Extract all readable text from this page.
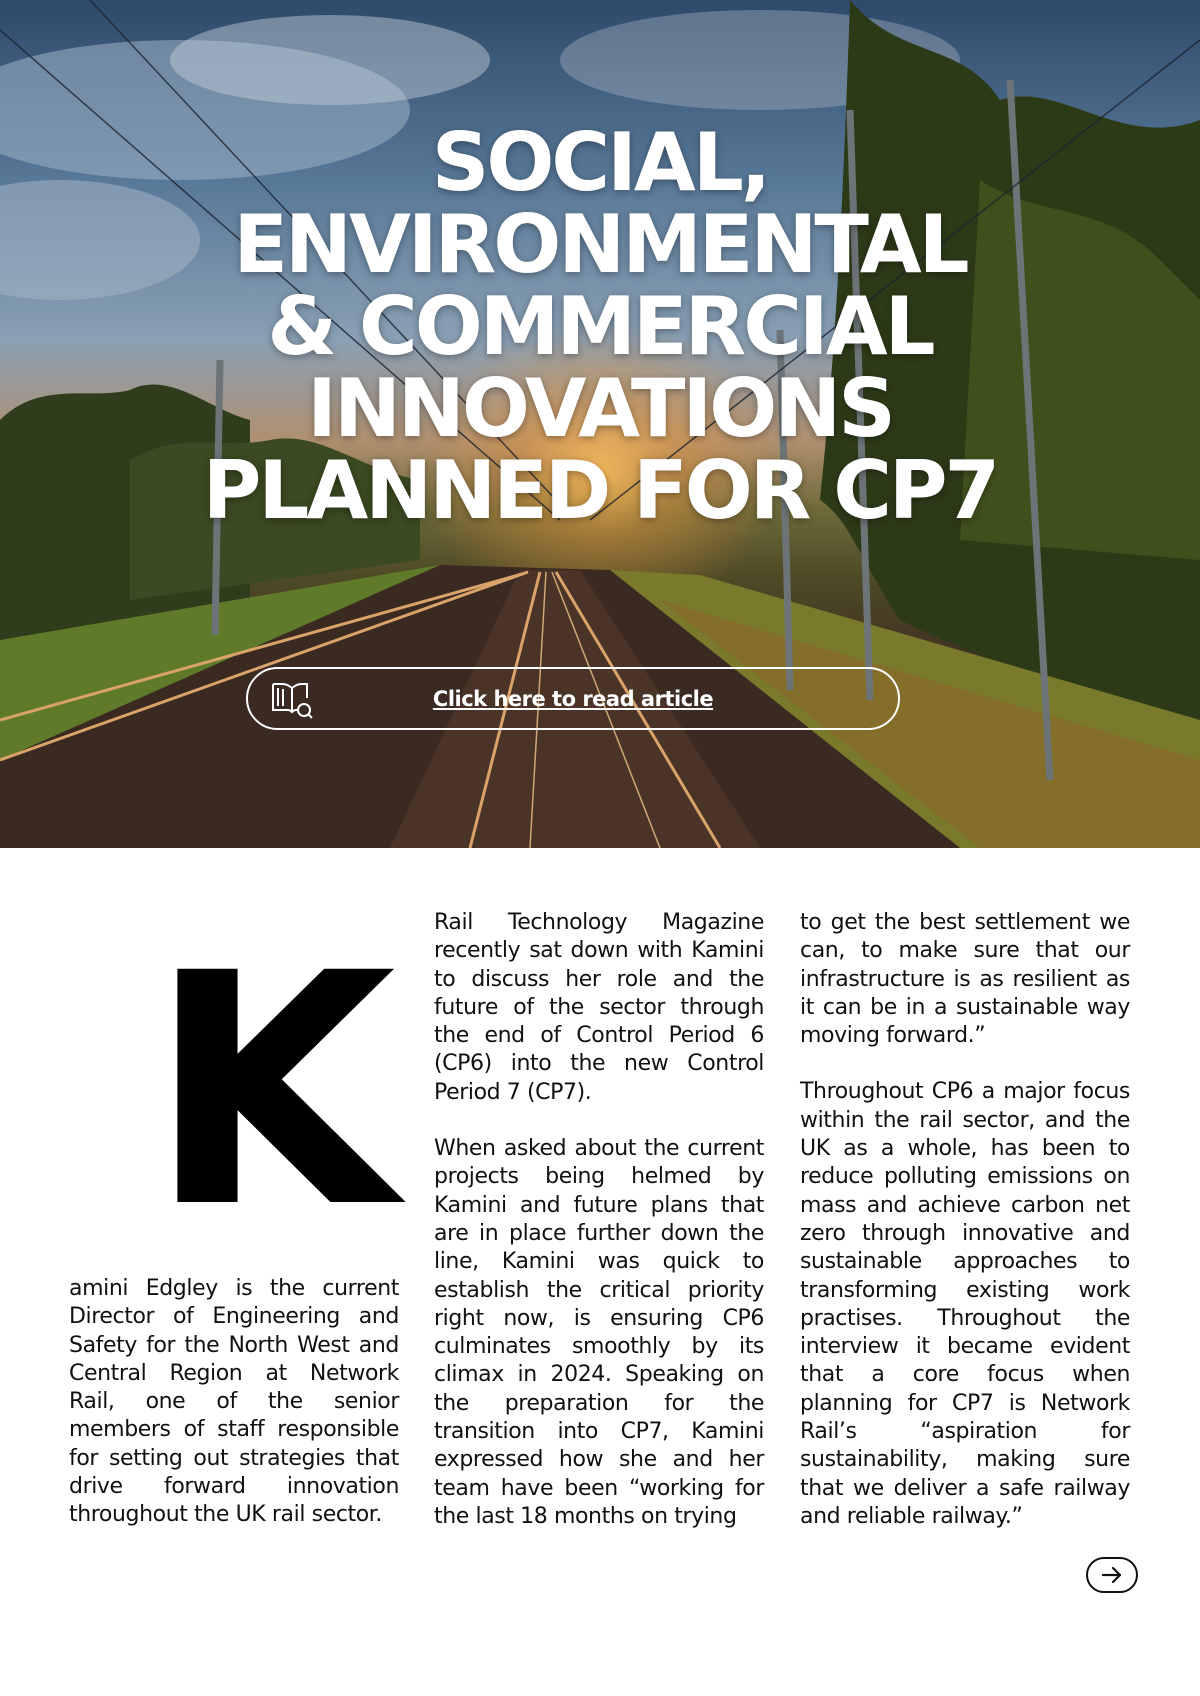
SOCIAL,
ENVIRONMENTAL
& COMMERCIAL
INNOVATIONS
PLANNED FOR CP7
Click here to read article
K

amini Edgley is the current Director of Engineering and Safety for the North West and Central Region at Network Rail, one of the senior members of staff responsible for setting out strategies that drive forward innovation throughout the UK rail sector.

Rail Technology Magazine recently sat down with Kamini to discuss her role and the future of the sector through the end of Control Period 6 (CP6) into the new Control Period 7 (CP7).

When asked about the current projects being helmed by Kamini and future plans that are in place further down the line, Kamini was quick to establish the critical priority right now, is ensuring CP6 culminates smoothly by its climax in 2024. Speaking on the preparation for the transition into CP7, Kamini expressed how she and her team have been “working for the last 18 months on trying

to get the best settlement we can, to make sure that our infrastructure is as resilient as it can be in a sustainable way moving forward.”

Throughout CP6 a major focus within the rail sector, and the UK as a whole, has been to reduce polluting emissions on mass and achieve carbon net zero through innovative and sustainable approaches to transforming existing work practises. Throughout the interview it became evident that a core focus when planning for CP7 is Network Rail’s “aspiration for sustainability, making sure that we deliver a safe railway and reliable railway.”
